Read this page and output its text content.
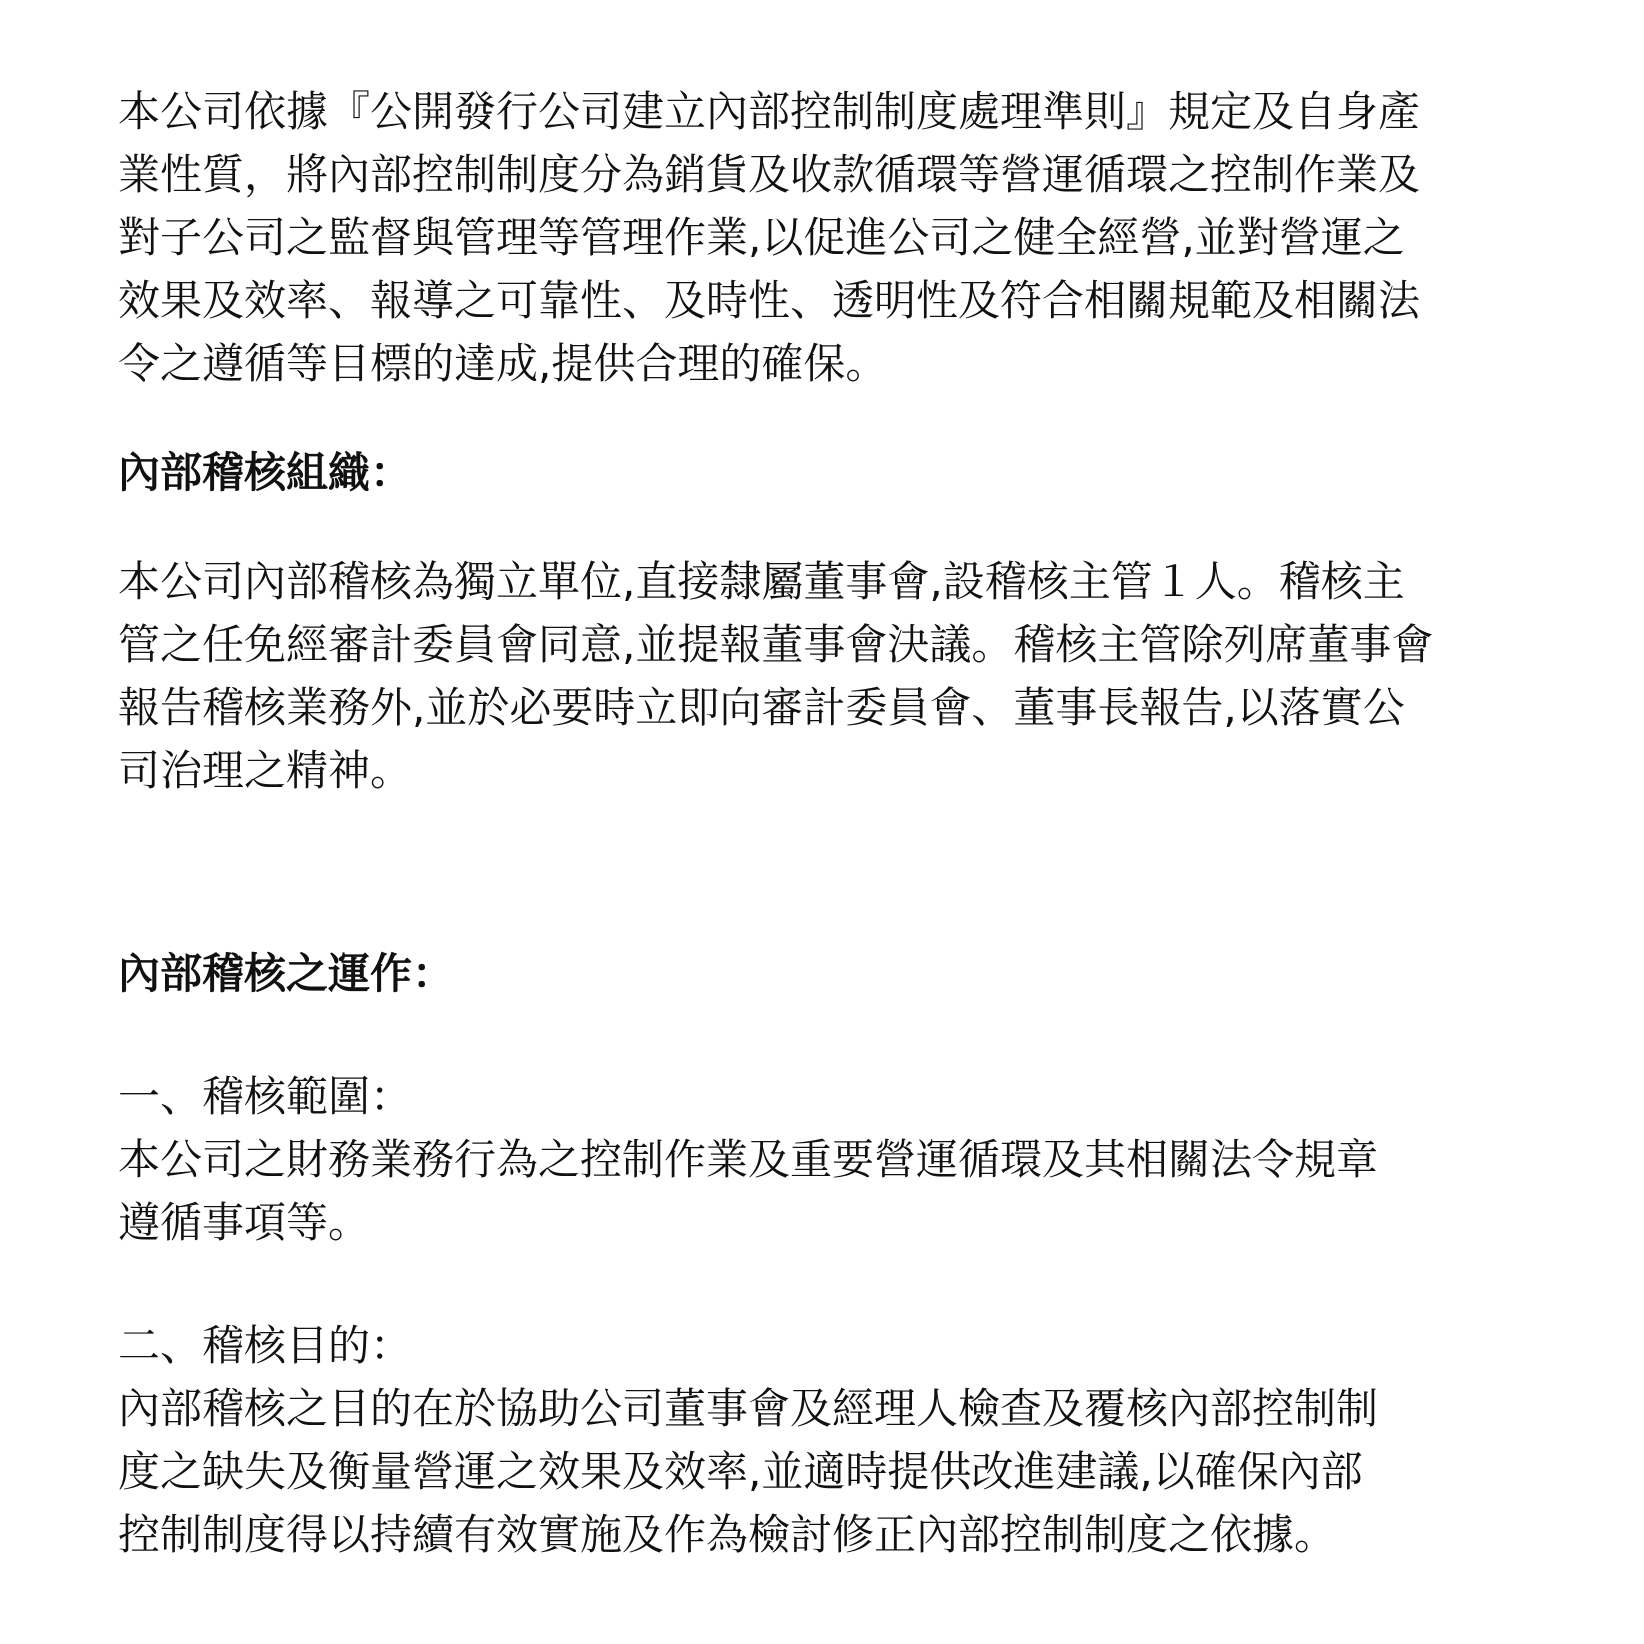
本公司依據『公開發行公司建立內部控制制度處理準則』規定及自身產
業性質，將內部控制制度分為銷貨及收款循環等營運循環之控制作業及
對子公司之監督與管理等管理作業,以促進公司之健全經營,並對營運之
效果及效率、報導之可靠性、及時性、透明性及符合相關規範及相關法
令之遵循等目標的達成,提供合理的確保。

內部稽核組織：

本公司內部稽核為獨立單位,直接隸屬董事會,設稽核主管１人。稽核主
管之任免經審計委員會同意,並提報董事會決議。稽核主管除列席董事會
報告稽核業務外,並於必要時立即向審計委員會、董事長報告,以落實公
司治理之精神。

內部稽核之運作：

一、稽核範圍：
本公司之財務業務行為之控制作業及重要營運循環及其相關法令規章
遵循事項等。

二、稽核目的：
內部稽核之目的在於協助公司董事會及經理人檢查及覆核內部控制制
度之缺失及衡量營運之效果及效率,並適時提供改進建議,以確保內部
控制制度得以持續有效實施及作為檢討修正內部控制制度之依據。
